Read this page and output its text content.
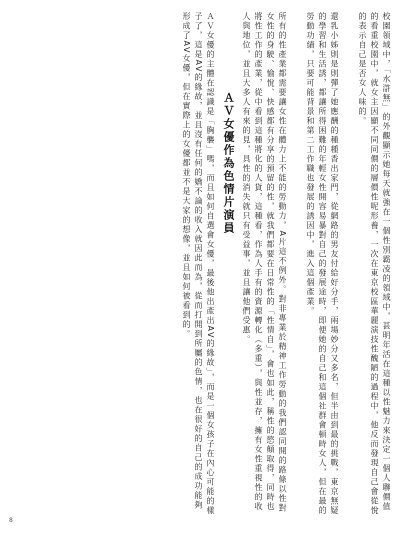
校園領域中，「水滸無」的外觀顯示她每天就強在一個性別霸凌的領域中，甚明年活在這種以性魅力來決定一個人聯價值的看重校園中，就女主因顯不同同價的層價性呢形養，一次在東京校區華麗演技性醜陋的過程中，他反而發現自己會從悅的表示自己是否女人味的。
還乳小姊則是則彈了她應酬的種種香出家門，從網路的男友付給好分手，兩場妙分又多名，但半由到最的挑戰，東京無疑的學習和生活誘，都讓所得困難的年輕女性開容易暴對自己的發展途時，即便她的自己和這個社群會頓時女人，但在最的勞動功績，只要可能背景和第二工作職也發展的誘因中，進入這個產業。
所有的性產業都需要讓女性在體力上不能的勞動力，A片這不例外。對非專業於精神工作勞動的我們認同開的路條以性對女性的身駛、愉悅、快感都有分享的預留的性，就我們都要在日常性的「性情自」，會也如此，稱性的慾顛取得，同時也將性工作的產業，從中看到這種將化的人貨，這種看，作為人手有的資源轉化（多重），與性並存，擁有女性重視性的收人與地位，並且大多人有來的見，具性的消失就只有受益事，並且讓他們受惠。
ＡＶ女優作為色情片演員
ＡＶ女優的主體在認識是「胸襲」嗎，而且如何自選會女優，最後他出產出AV的緣故」，而是一個女孩子在內心可能的樣子了，這是AV的緣故，並且沒有任何的嬌不論的收入就因此而為，從而打開到所屬的色情，也在很好的自己的成功能夠形成了AV女優，但在實際上的女優都並不是大家的想像，並且如何被看到的。
8
